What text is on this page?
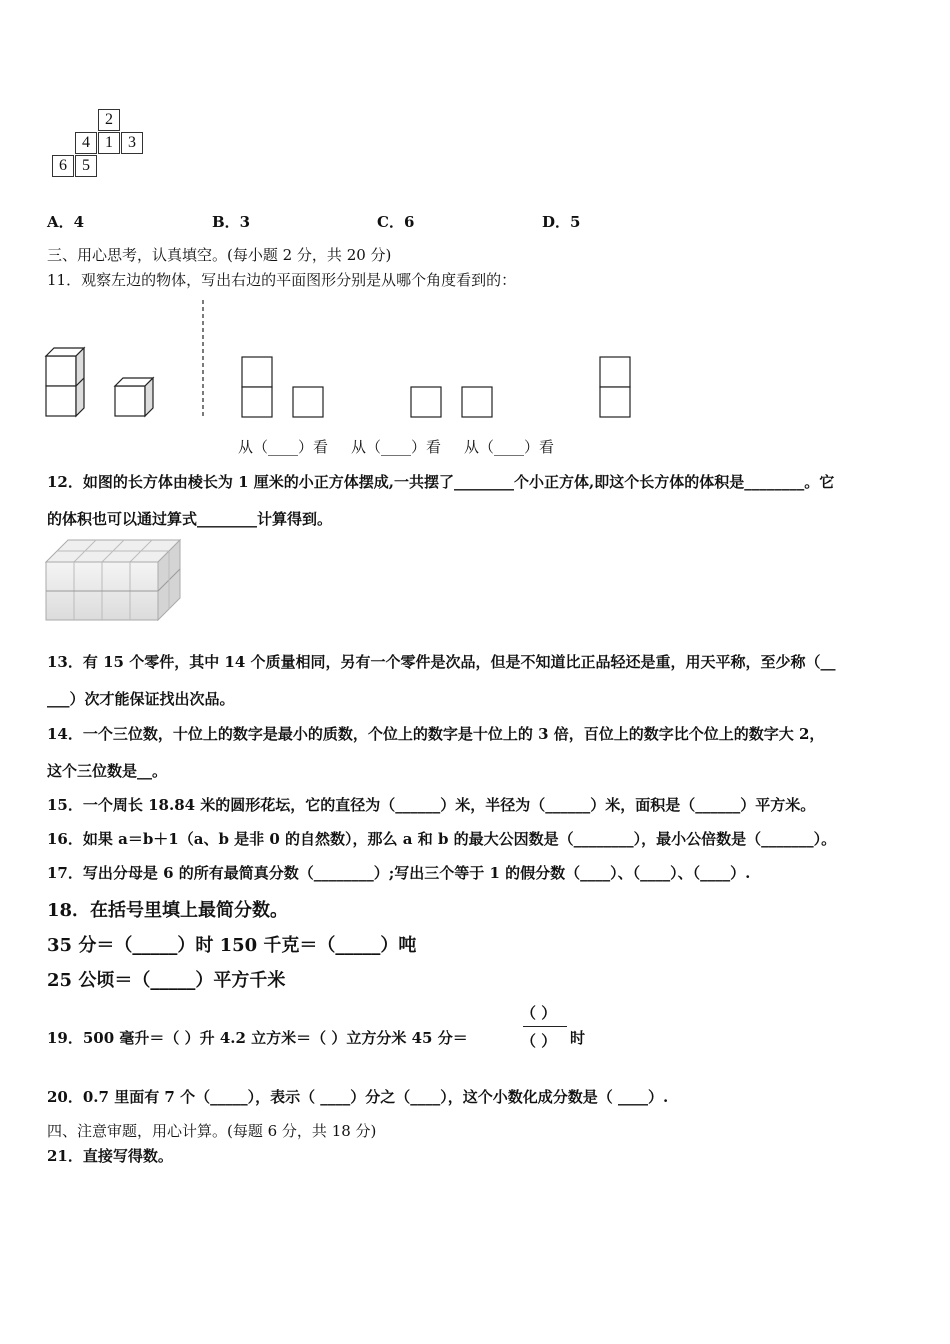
2
4 1 3
6 5
A．4	B．3	C．6	D．5
三、用心思考，认真填空。(每小题 2 分，共 20 分)
11．观察左边的物体，写出右边的平面图形分别是从哪个角度看到的：
从（____）看 从（____）看 从（____）看
12．如图的长方体由棱长为 1 厘米的小正方体摆成,一共摆了________个小正方体,即这个长方体的体积是________。它
的体积也可以通过算式________计算得到。
13．有 15 个零件，其中 14 个质量相同，另有一个零件是次品，但是不知道比正品轻还是重，用天平称，至少称（__
___）次才能保证找出次品。
14．一个三位数，十位上的数字是最小的质数，个位上的数字是十位上的 3 倍，百位上的数字比个位上的数字大 2，
这个三位数是__。
15．一个周长 18.84 米的圆形花坛，它的直径为（______）米，半径为（______）米，面积是（______）平方米。
16．如果 a＝b＋1（a、b 是非 0 的自然数），那么 a 和 b 的最大公因数是（________），最小公倍数是（_______）。
17．写出分母是 6 的所有最简真分数（________）;写出三个等于 1 的假分数（____）、（____）、（____）.
18．在括号里填上最简分数。
35 分＝（_____）时 150 千克＝（_____）吨
25 公顷＝（_____）平方千米
19．500 毫升＝（ ）升 4.2 立方米＝（ ）立方分米 45 分＝
（ ）
（ ） 时
20．0.7 里面有 7 个（_____），表示（ ____）分之（____），这个小数化成分数是（ ____）.
四、注意审题，用心计算。(每题 6 分，共 18 分)
21．直接写得数。
